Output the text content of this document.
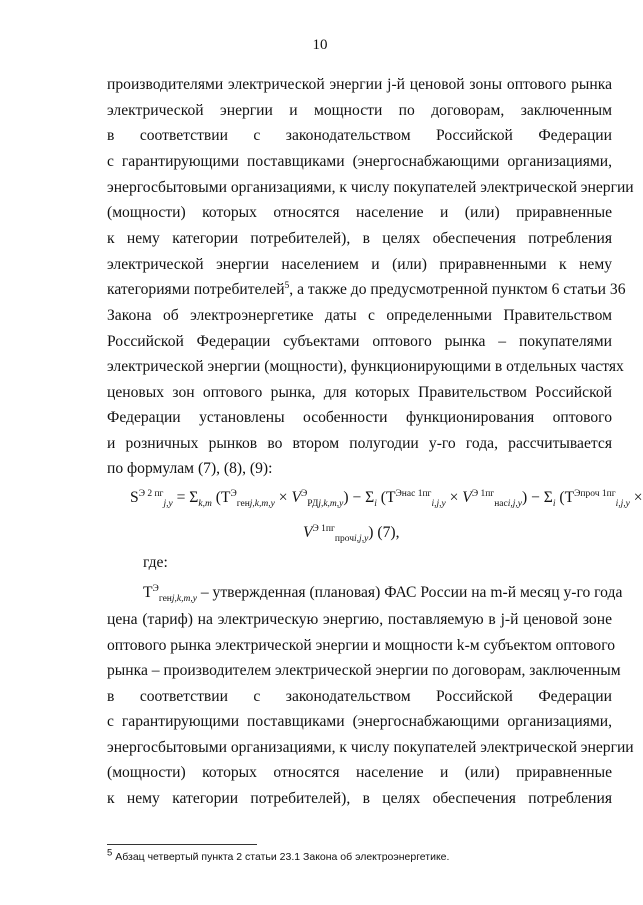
10
производителями электрической энергии j-й ценовой зоны оптового рынка
электрической энергии и мощности по договорам, заключенным
в соответствии с законодательством Российской Федерации
с гарантирующими поставщиками (энергоснабжающими организациями,
энергосбытовыми организациями, к числу покупателей электрической энергии
(мощности) которых относятся население и (или) приравненные
к нему категории потребителей), в целях обеспечения потребления
электрической энергии населением и (или) приравненными к нему
категориями потребителей$^5$, а также до предусмотренной пунктом 6 статьи 36
Закона об электроэнергетике даты с определенными Правительством
Российской Федерации субъектами оптового рынка – покупателями
электрической энергии (мощности), функционирующими в отдельных частях
ценовых зон оптового рынка, для которых Правительством Российской
Федерации установлены особенности функционирования оптового
и розничных рынков во втором полугодии y-го года, рассчитывается
по формулам (7), (8), (9):
$S^{Э 2 пг}_{j,y} = \Sigma_{k,m}$ $(T^Э_{генj,k,m,y} \times V^Э_{РДj,k,m,y}) - \Sigma_i$ $(T^{Энас 1пг}_{i,j,y} \times V^{Э 1пг}_{насi,j,y}) - \Sigma_i$ ($T^{Эпроч 1пг}_{i,j,y}$ ×
$V^{Э 1пг}_{прочi,j,y}$) (7),
где:
$T^Э_{генj,k,m,y}$ – утвержденная (плановая) ФАС России на m-й месяц y-го года
цена (тариф) на электрическую энергию, поставляемую в j-й ценовой зоне
оптового рынка электрической энергии и мощности k-м субъектом оптового
рынка – производителем электрической энергии по договорам, заключенным
в соответствии с законодательством Российской Федерации
с гарантирующими поставщиками (энергоснабжающими организациями,
энергосбытовыми организациями, к числу покупателей электрической энергии
(мощности) которых относятся население и (или) приравненные
к нему категории потребителей), в целях обеспечения потребления
$^5$ Абзац четвертый пункта 2 статьи 23.1 Закона об электроэнергетике.
